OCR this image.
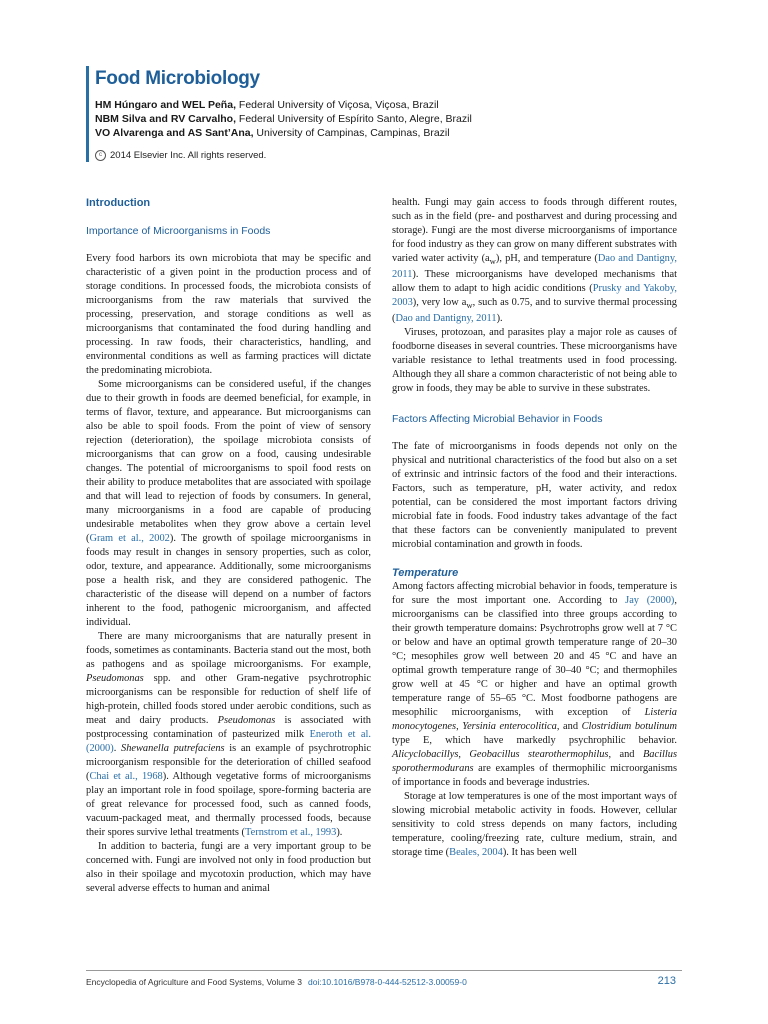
Food Microbiology
HM Húngaro and WEL Peña, Federal University of Viçosa, Viçosa, Brazil
NBM Silva and RV Carvalho, Federal University of Espírito Santo, Alegre, Brazil
VO Alvarenga and AS Sant’Ana, University of Campinas, Campinas, Brazil
c 2014 Elsevier Inc. All rights reserved.
Introduction
Importance of Microorganisms in Foods

Every food harbors its own microbiota that may be specific and characteristic of a given point in the production process and of storage conditions. In processed foods, the microbiota consists of microorganisms from the raw materials that survived the processing, preservation, and storage conditions as well as microorganisms that contaminated the food during handling and processing. In raw foods, their characteristics, handling, and environmental conditions as well as farming practices will dictate the predominating microbiota.

Some microorganisms can be considered useful, if the changes due to their growth in foods are deemed beneficial, for example, in terms of flavor, texture, and appearance. But microorganisms can also be able to spoil foods. From the point of view of sensory rejection (deterioration), the spoilage microbiota consists of microorganisms that can grow on a food, causing undesirable changes. The potential of microorganisms to spoil food rests on their ability to produce metabolites that are associated with spoilage and that will lead to rejection of foods by consumers. In general, many microorganisms in a food are capable of producing undesirable metabolites when they grow above a certain level (Gram et al., 2002). The growth of spoilage microorganisms in foods may result in changes in sensory properties, such as color, odor, texture, and appearance. Additionally, some microorganisms pose a health risk, and they are considered pathogenic. The characteristic of the disease will depend on a number of factors inherent to the food, pathogenic microorganism, and affected individual.

There are many microorganisms that are naturally present in foods, sometimes as contaminants. Bacteria stand out the most, both as pathogens and as spoilage microorganisms. For example, Pseudomonas spp. and other Gram-negative psychrotrophic microorganisms can be responsible for reduction of shelf life of high-protein, chilled foods stored under aerobic conditions, such as meat and dairy products. Pseudomonas is associated with postprocessing contamination of pasteurized milk Eneroth et al. (2000). Shewanella putrefaciens is an example of psychrotrophic microorganism responsible for the deterioration of chilled seafood (Chai et al., 1968). Although vegetative forms of microorganisms play an important role in food spoilage, spore-forming bacteria are of great relevance for processed food, such as canned foods, vacuum-packaged meat, and thermally processed foods, because their spores survive lethal treatments (Ternstrom et al., 1993).

In addition to bacteria, fungi are a very important group to be concerned with. Fungi are involved not only in food production but also in their spoilage and mycotoxin production, which may have several adverse effects to human and animal

health. Fungi may gain access to foods through different routes, such as in the field (pre- and postharvest and during processing and storage). Fungi are the most diverse microorganisms of importance for food industry as they can grow on many different substrates with varied water activity $(a_w)$, pH, and temperature (Dao and Dantigny, 2011). These microorganisms have developed mechanisms that allow them to adapt to high acidic conditions (Prusky and Yakoby, 2003), very low $a_w$, such as 0.75, and to survive thermal processing (Dao and Dantigny, 2011).

Viruses, protozoan, and parasites play a major role as causes of foodborne diseases in several countries. These microorganisms have variable resistance to lethal treatments used in food processing. Although they all share a common characteristic of not being able to grow in foods, they may be able to survive in these substrates.

Factors Affecting Microbial Behavior in Foods

The fate of microorganisms in foods depends not only on the physical and nutritional characteristics of the food but also on a set of extrinsic and intrinsic factors of the food and their interactions. Factors, such as temperature, pH, water activity, and redox potential, can be considered the most important factors driving microbial fate in foods. Food industry takes advantage of the fact that these factors can be conveniently manipulated to prevent microbial contamination and growth in foods.

Temperature

Among factors affecting microbial behavior in foods, temperature is for sure the most important one. According to Jay (2000), microorganisms can be classified into three groups according to their growth temperature domains: Psychrotrophs grow well at 7 °C or below and have an optimal growth temperature range of 20–30 °C; mesophiles grow well between 20 and 45 °C and have an optimal growth temperature range of 30–40 °C; and thermophiles grow well at 45 °C or higher and have an optimal growth temperature range of 55–65 °C. Most foodborne pathogens are mesophilic microorganisms, with exception of Listeria monocytogenes, Yersinia enterocolitica, and Clostridium botulinum type E, which have markedly psychrophilic behavior. Alicyclobacillys, Geobacillus stearothermophilus, and Bacillus sporothermodurans are examples of thermophilic microorganisms of importance in foods and beverage industries.

Storage at low temperatures is one of the most important ways of slowing microbial metabolic activity in foods. However, cellular sensitivity to cold stress depends on many factors, including temperature, cooling/freezing rate, culture medium, strain, and storage time (Beales, 2004). It has been well

Encyclopedia of Agriculture and Food Systems, Volume 3 doi:10.1016/B978-0-444-52512-3.00059-0	213
